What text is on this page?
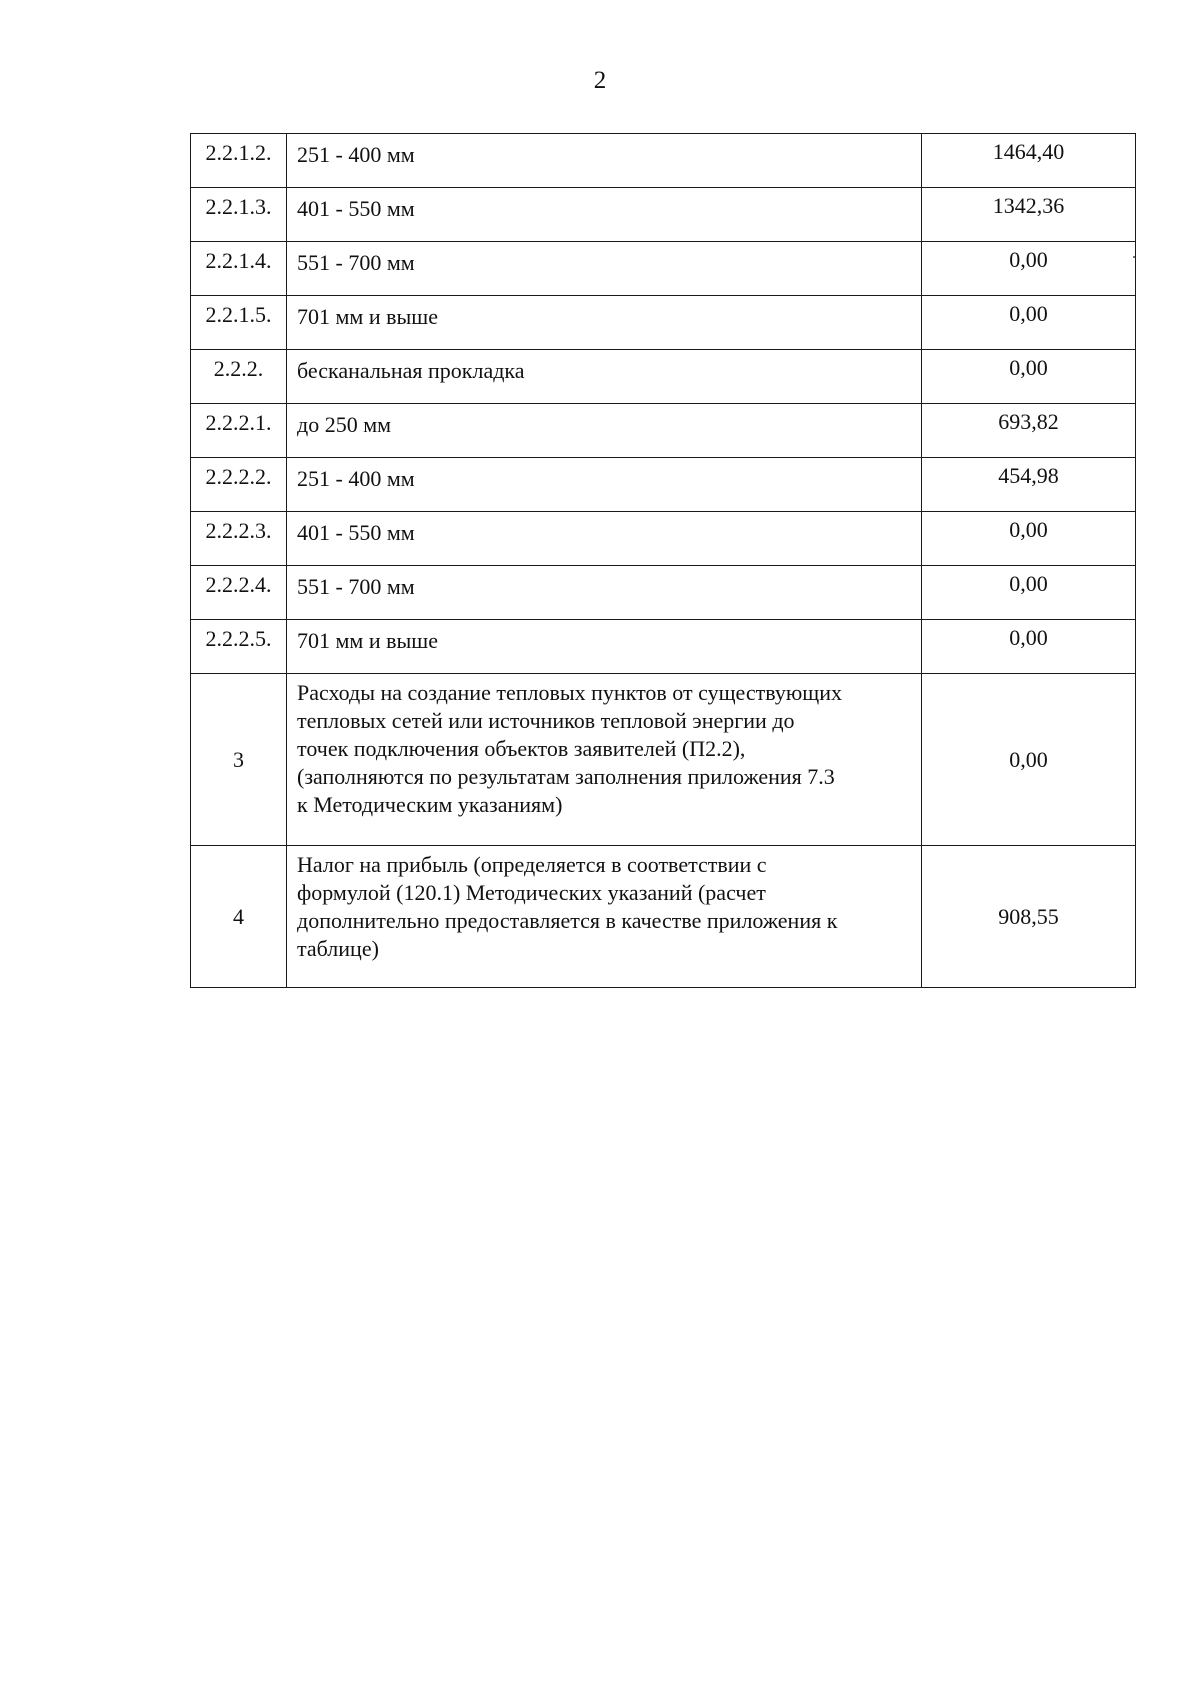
2
2.2.1.2.	251 - 400 мм	1464,40
2.2.1.3.	401 - 550 мм	1342,36
2.2.1.4.	551 - 700 мм	0,00
2.2.1.5.	701 мм и выше	0,00
2.2.2.	бесканальная прокладка	0,00
2.2.2.1.	до 250 мм	693,82
2.2.2.2.	251 - 400 мм	454,98
2.2.2.3.	401 - 550 мм	0,00
2.2.2.4.	551 - 700 мм	0,00
2.2.2.5.	701 мм и выше	0,00
3	Расходы на создание тепловых пунктов от существующих
тепловых сетей или источников тепловой энергии до
точек подключения объектов заявителей (П2.2),
(заполняются по результатам заполнения приложения 7.3
к Методическим указаниям)	0,00
4	Налог на прибыль (определяется в соответствии с
формулой (120.1) Методических указаний (расчет
дополнительно предоставляется в качестве приложения к
таблице)	908,55
